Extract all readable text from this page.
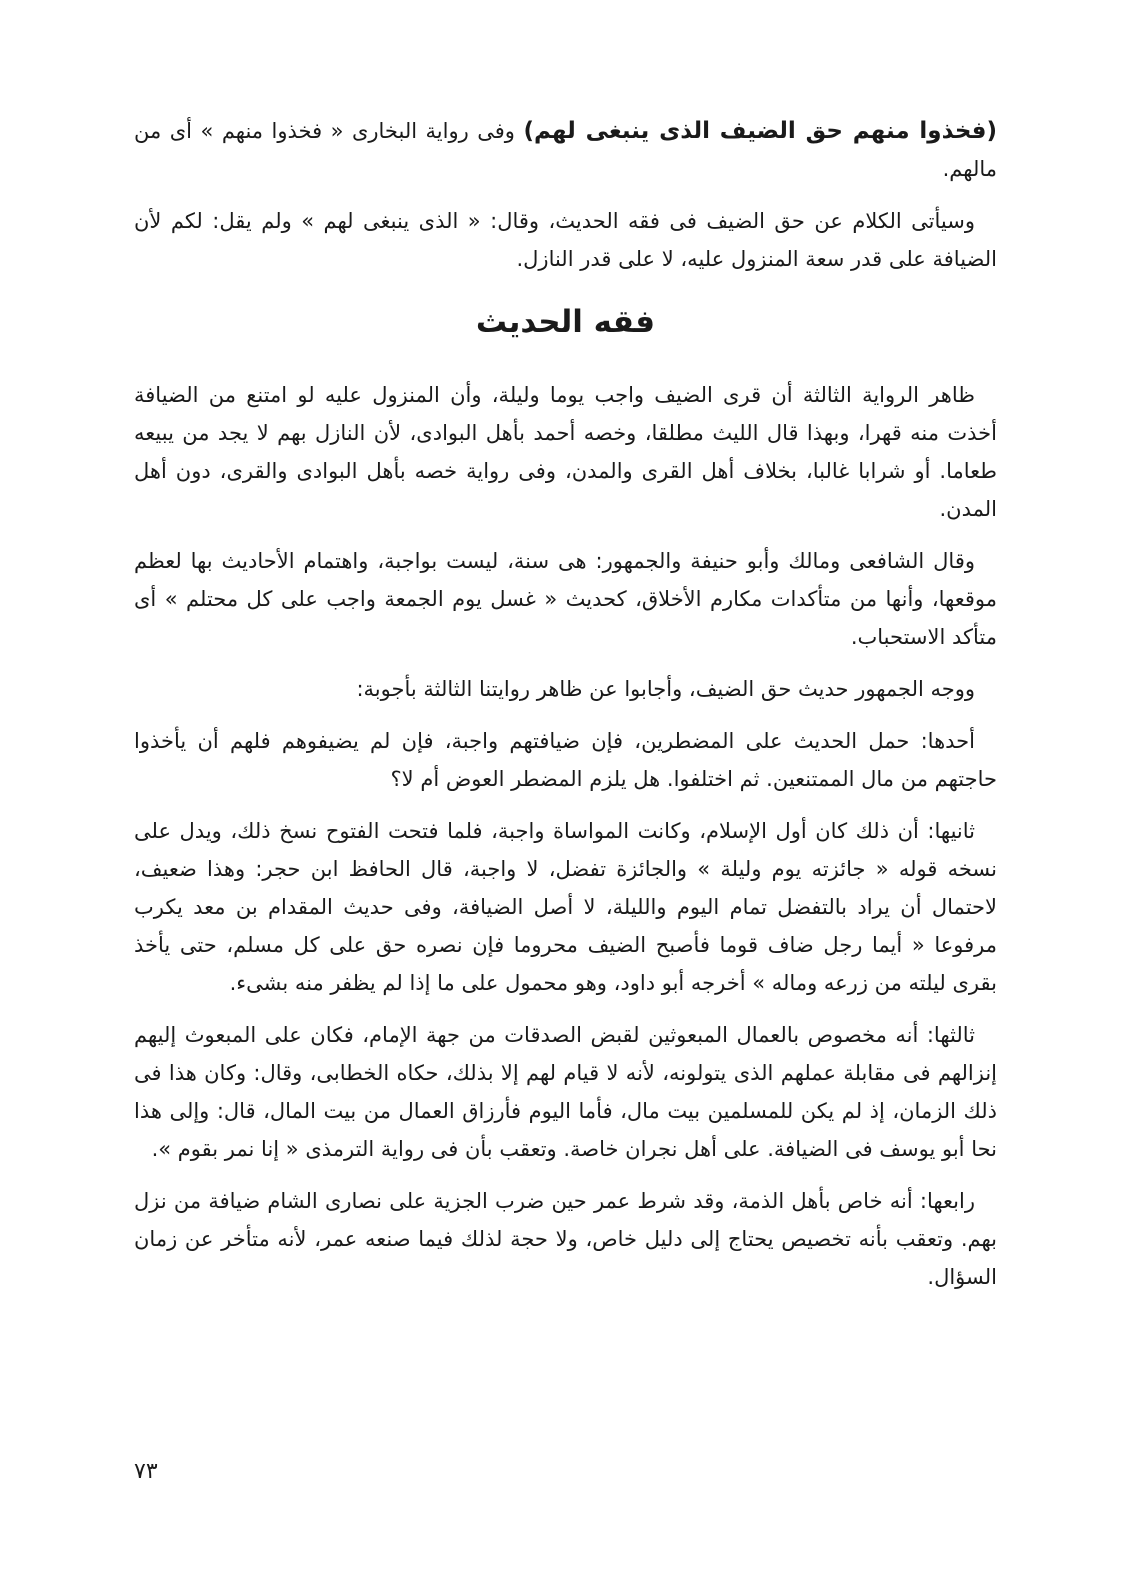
(فخذوا منهم حق الضيف الذى ينبغى لهم) وفى رواية البخارى « فخذوا منهم » أى من مالهم.

وسيأتى الكلام عن حق الضيف فى فقه الحديث، وقال: « الذى ينبغى لهم » ولم يقل: لكم لأن الضيافة على قدر سعة المنزول عليه، لا على قدر النازل.

فقه الحديث

ظاهر الرواية الثالثة أن قرى الضيف واجب يوما وليلة، وأن المنزول عليه لو امتنع من الضيافة أخذت منه قهرا، وبهذا قال الليث مطلقا، وخصه أحمد بأهل البوادى، لأن النازل بهم لا يجد من يبيعه طعاما. أو شرابا غالبا، بخلاف أهل القرى والمدن، وفى رواية خصه بأهل البوادى والقرى، دون أهل المدن.

وقال الشافعى ومالك وأبو حنيفة والجمهور: هى سنة، ليست بواجبة، واهتمام الأحاديث بها لعظم موقعها، وأنها من متأكدات مكارم الأخلاق، كحديث « غسل يوم الجمعة واجب على كل محتلم » أى متأكد الاستحباب.

ووجه الجمهور حديث حق الضيف، وأجابوا عن ظاهر روايتنا الثالثة بأجوبة:

أحدها: حمل الحديث على المضطرين، فإن ضيافتهم واجبة، فإن لم يضيفوهم فلهم أن يأخذوا حاجتهم من مال الممتنعين. ثم اختلفوا. هل يلزم المضطر العوض أم لا؟

ثانيها: أن ذلك كان أول الإسلام، وكانت المواساة واجبة، فلما فتحت الفتوح نسخ ذلك، ويدل على نسخه قوله « جائزته يوم وليلة » والجائزة تفضل، لا واجبة، قال الحافظ ابن حجر: وهذا ضعيف، لاحتمال أن يراد بالتفضل تمام اليوم والليلة، لا أصل الضيافة، وفى حديث المقدام بن معد يكرب مرفوعا « أيما رجل ضاف قوما فأصبح الضيف محروما فإن نصره حق على كل مسلم، حتى يأخذ بقرى ليلته من زرعه وماله » أخرجه أبو داود، وهو محمول على ما إذا لم يظفر منه بشىء.

ثالثها: أنه مخصوص بالعمال المبعوثين لقبض الصدقات من جهة الإمام، فكان على المبعوث إليهم إنزالهم فى مقابلة عملهم الذى يتولونه، لأنه لا قيام لهم إلا بذلك، حكاه الخطابى، وقال: وكان هذا فى ذلك الزمان، إذ لم يكن للمسلمين بيت مال، فأما اليوم فأرزاق العمال من بيت المال، قال: وإلى هذا نحا أبو يوسف فى الضيافة. على أهل نجران خاصة. وتعقب بأن فى رواية الترمذى « إنا نمر بقوم ».

رابعها: أنه خاص بأهل الذمة، وقد شرط عمر حين ضرب الجزية على نصارى الشام ضيافة من نزل بهم. وتعقب بأنه تخصيص يحتاج إلى دليل خاص، ولا حجة لذلك فيما صنعه عمر، لأنه متأخر عن زمان السؤال.

٧٣
